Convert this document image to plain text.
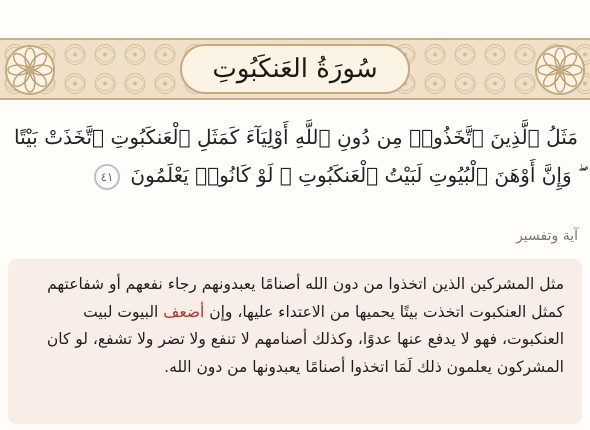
سُورَةُ العَنكَبُوتِ
مَثَلُ ٱلَّذِينَ ٱتَّخَذُوا۟ مِن دُونِ ٱللَّهِ أَوْلِيَآءَ كَمَثَلِ ٱلْعَنكَبُوتِ ٱتَّخَذَتْ بَيْتًا ۖ وَإِنَّ أَوْهَنَ ٱلْبُيُوتِ لَبَيْتُ ٱلْعَنكَبُوتِ ۖ لَوْ كَانُوا۟ يَعْلَمُونَ ٤١
آية وتفسير
مثل المشركين الذين اتخذوا من دون الله أصنامًا يعبدونهم رجاء نفعهم أو شفاعتهم كمثل العنكبوت اتخذت بيتًا يحميها من الاعتداء عليها، وإن أضعف البيوت لبيت العنكبوت، فهو لا يدفع عنها عدوًا، وكذلك أصنامهم لا تنفع ولا تضر ولا تشفع، لو كان المشركون يعلمون ذلك لَمَا اتخذوا أصنامًا يعبدونها من دون الله.
